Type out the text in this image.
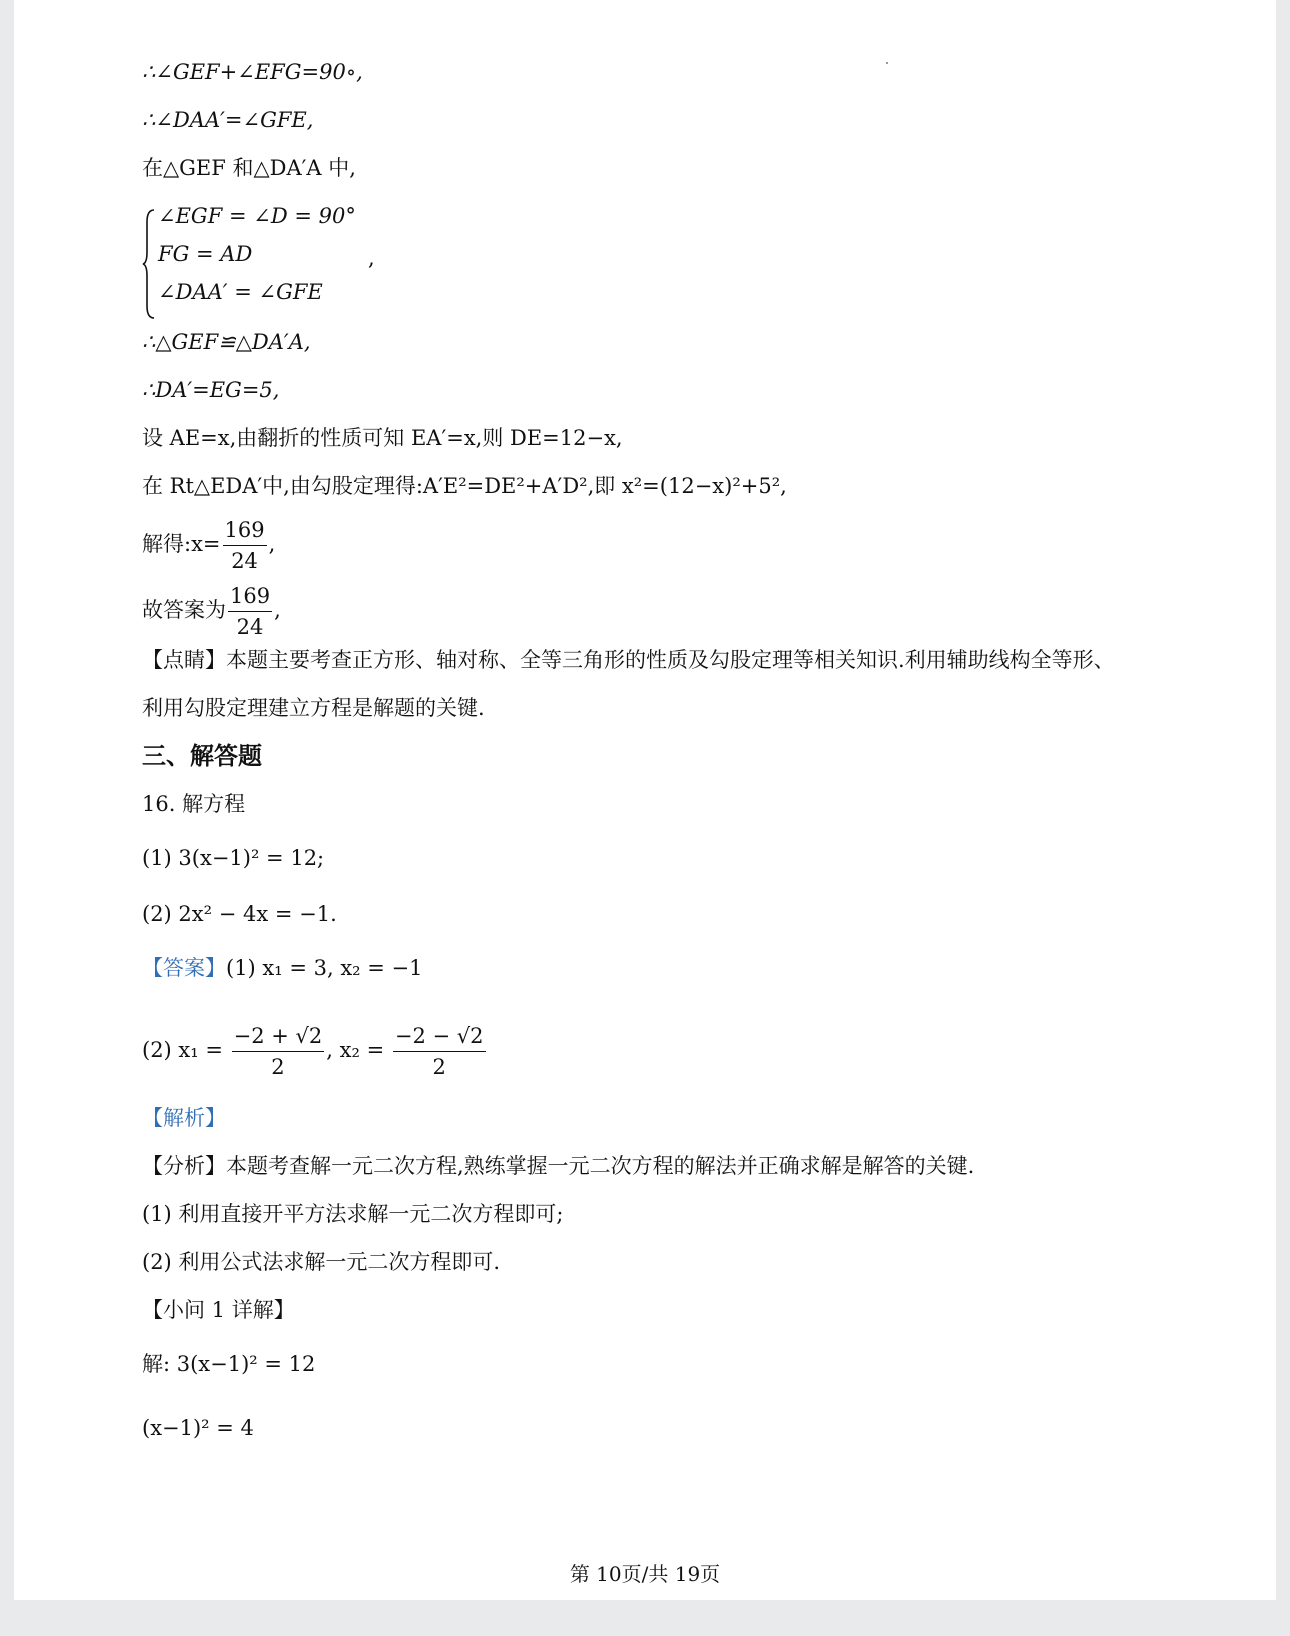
∴∠GEF+∠EFG=90∘,
∴∠DAA′=∠GFE,
在△GEF 和△DA′A 中,
∠EGF = ∠D = 90°
FG = AD
∠DAA′ = ∠GFE
,
∴△GEF≌△DA′A,
∴DA′=EG=5,
设 AE=x,由翻折的性质可知 EA′=x,则 DE=12−x,
在 Rt△EDA′中,由勾股定理得:A′E²=DE²+A′D²,即 x²=(12−x)²+5²,
解得:x= $\frac{169}{24}$ ,
故答案为 $\frac{169}{24}$ ,
【点睛】本题主要考查正方形、轴对称、全等三角形的性质及勾股定理等相关知识.利用辅助线构全等形、
利用勾股定理建立方程是解题的关键.
三、解答题
16. 解方程
(1) 3(x−1)² = 12;
(2) 2x² − 4x = −1.
【答案】(1) x₁ = 3, x₂ = −1
(2) $x_1 = \frac{-2 + √2}{2}$ , $x_2 = \frac{-2 - √2}{2}$
【解析】
【分析】本题考查解一元二次方程,熟练掌握一元二次方程的解法并正确求解是解答的关键.
(1) 利用直接开平方法求解一元二次方程即可;
(2) 利用公式法求解一元二次方程即可.
【小问 1 详解】
解: 3(x−1)² = 12
(x−1)² = 4
第 10页/共 19页
